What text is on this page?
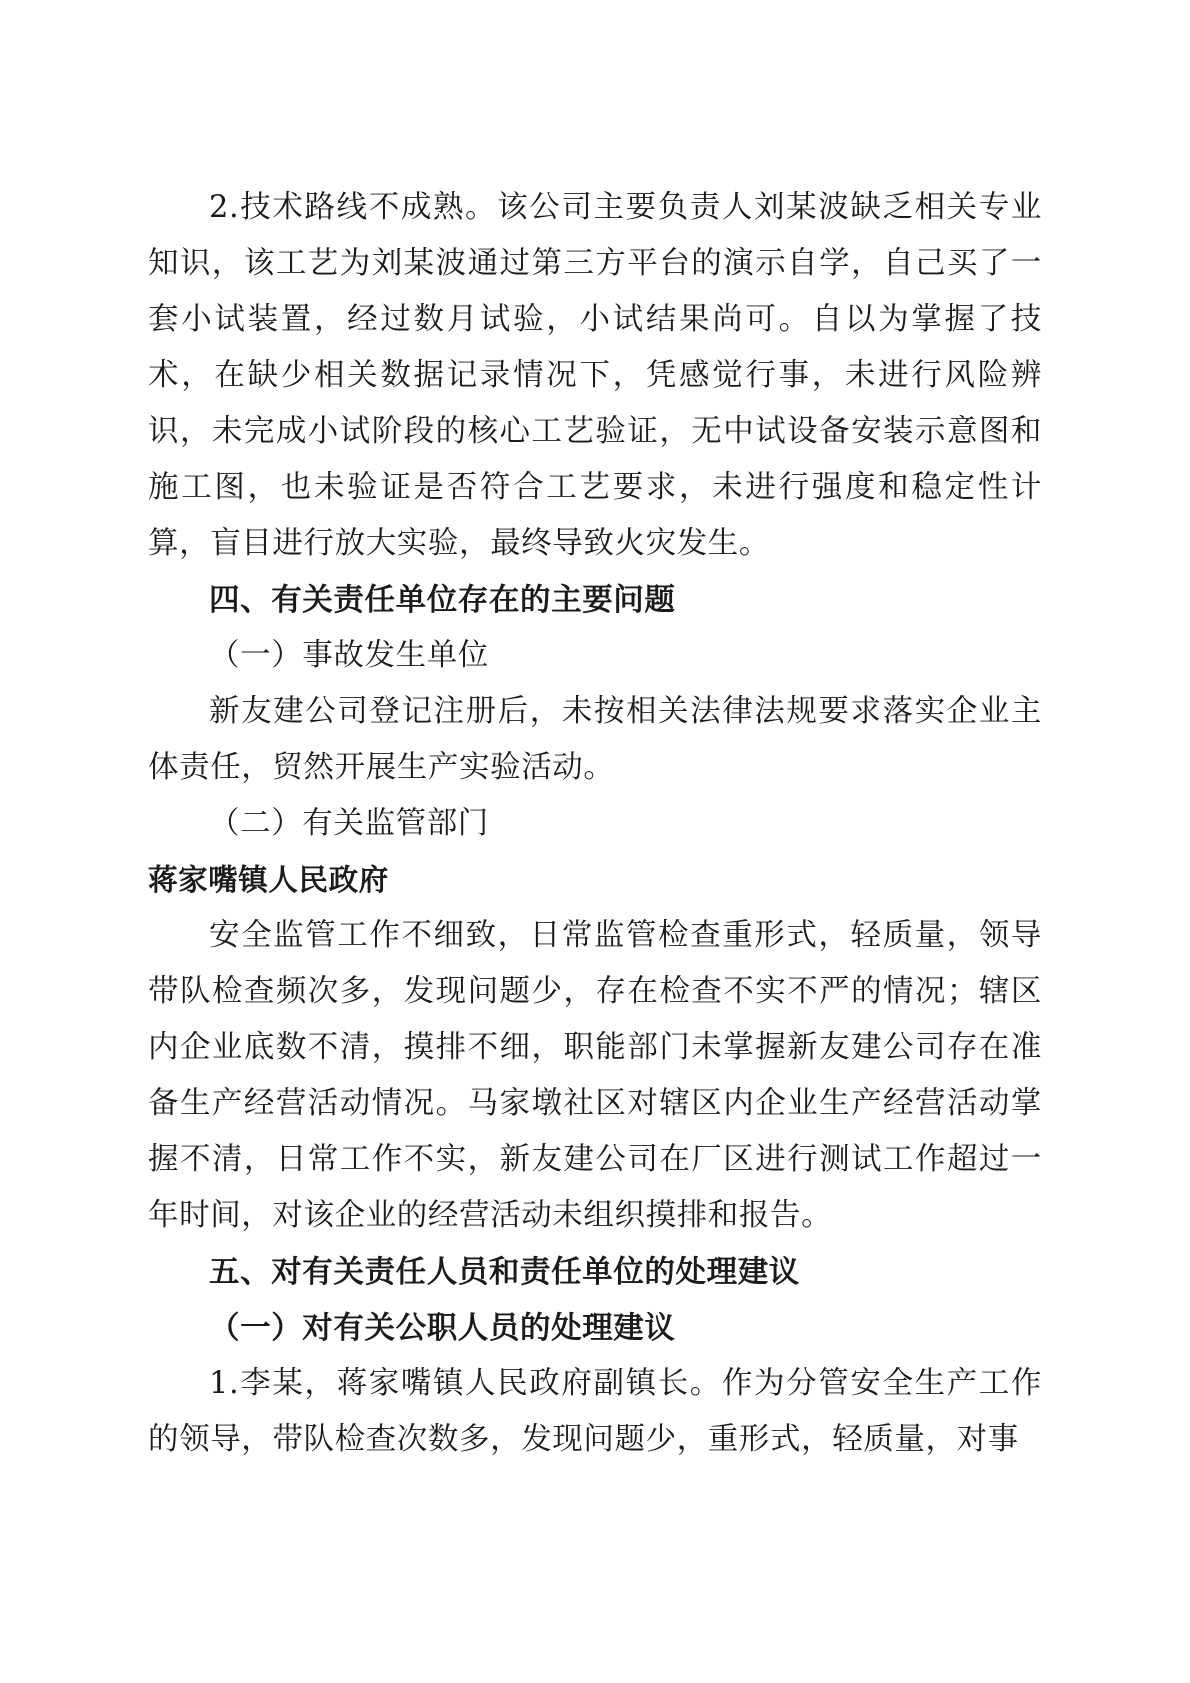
2.技术路线不成熟。该公司主要负责人刘某波缺乏相关专业知识，该工艺为刘某波通过第三方平台的演示自学，自己买了一套小试装置，经过数月试验，小试结果尚可。自以为掌握了技术，在缺少相关数据记录情况下，凭感觉行事，未进行风险辨识，未完成小试阶段的核心工艺验证，无中试设备安装示意图和施工图，也未验证是否符合工艺要求，未进行强度和稳定性计算，盲目进行放大实验，最终导致火灾发生。

四、有关责任单位存在的主要问题

（一）事故发生单位

新友建公司登记注册后，未按相关法律法规要求落实企业主体责任，贸然开展生产实验活动。

（二）有关监管部门

蒋家嘴镇人民政府

安全监管工作不细致，日常监管检查重形式，轻质量，领导带队检查频次多，发现问题少，存在检查不实不严的情况；辖区内企业底数不清，摸排不细，职能部门未掌握新友建公司存在准备生产经营活动情况。马家墩社区对辖区内企业生产经营活动掌握不清，日常工作不实，新友建公司在厂区进行测试工作超过一年时间，对该企业的经营活动未组织摸排和报告。

五、对有关责任人员和责任单位的处理建议

（一）对有关公职人员的处理建议

1.李某，蒋家嘴镇人民政府副镇长。作为分管安全生产工作的领导，带队检查次数多，发现问题少，重形式，轻质量，对事
